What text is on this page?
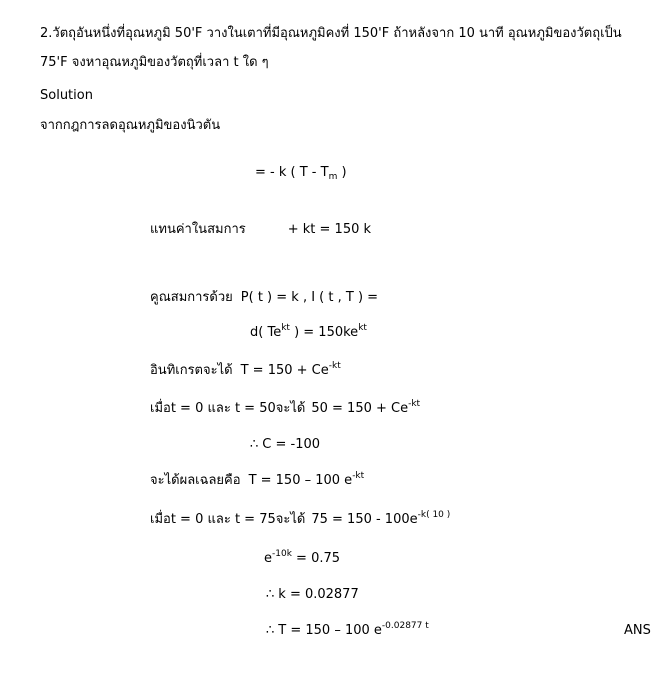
2.วัตถุอันหนึ่งที่อุณหภูมิ 50'F วางในเตาที่มีอุณหภูมิคงที่ 150'F ถ้าหลังจาก 10 นาที อุณหภูมิของวัตถุเป็น
75'F จงหาอุณหภูมิของวัตถุที่เวลา t ใด ๆ
Solution
จากกฎการลดอุณหภูมิของนิวตัน
= - k ( T - $T_m$ )
แทนค่าในสมการ	+ kt = 150 k
คูณสมการด้วย P( t ) = k , I ( t , T ) =
d( $Te^{kt}$ ) = $150ke^{kt}$
อินทิเกรตจะได้ $T = 150 + Ce^{-kt}$
เมื่อt = 0 และ t = 50จะได้ $50 = 150 + Ce^{-kt}$
∴ C = -100
จะได้ผลเฉลยคือ T = 150 – 100 $e^{-kt}$
เมื่อt = 0 และ t = 75จะได้ $75 = 150 - 100e^{-k( 10 )}$
$e^{-10k} = 0.75$
∴ k = 0.02877
∴ T = 150 – 100 $e^{-0.02877 t}$	ANS
